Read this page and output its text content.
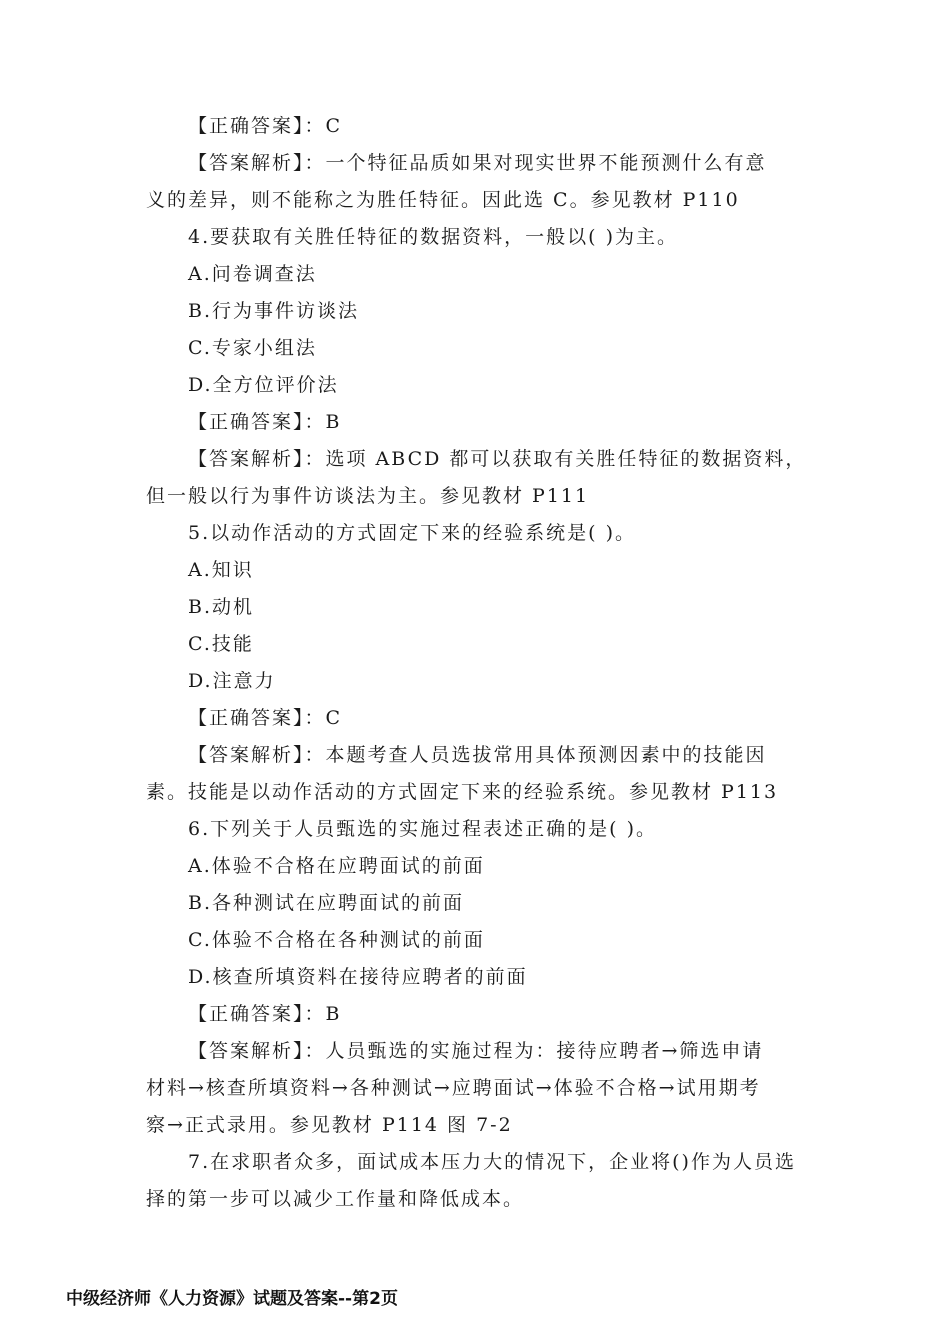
【正确答案】：C
【答案解析】：一个特征品质如果对现实世界不能预测什么有意
义的差异，则不能称之为胜任特征。因此选 C。参见教材 P110
4.要获取有关胜任特征的数据资料，一般以( )为主。
A.问卷调查法
B.行为事件访谈法
C.专家小组法
D.全方位评价法
【正确答案】：B
【答案解析】：选项 ABCD 都可以获取有关胜任特征的数据资料，
但一般以行为事件访谈法为主。参见教材 P111
5.以动作活动的方式固定下来的经验系统是( )。
A.知识
B.动机
C.技能
D.注意力
【正确答案】：C
【答案解析】：本题考查人员选拔常用具体预测因素中的技能因
素。技能是以动作活动的方式固定下来的经验系统。参见教材 P113
6.下列关于人员甄选的实施过程表述正确的是( )。
A.体验不合格在应聘面试的前面
B.各种测试在应聘面试的前面
C.体验不合格在各种测试的前面
D.核查所填资料在接待应聘者的前面
【正确答案】：B
【答案解析】：人员甄选的实施过程为：接待应聘者→筛选申请
材料→核查所填资料→各种测试→应聘面试→体验不合格→试用期考
察→正式录用。参见教材 P114 图 7-2
7.在求职者众多，面试成本压力大的情况下，企业将()作为人员选
择的第一步可以减少工作量和降低成本。
中级经济师《人力资源》试题及答案--第2页
